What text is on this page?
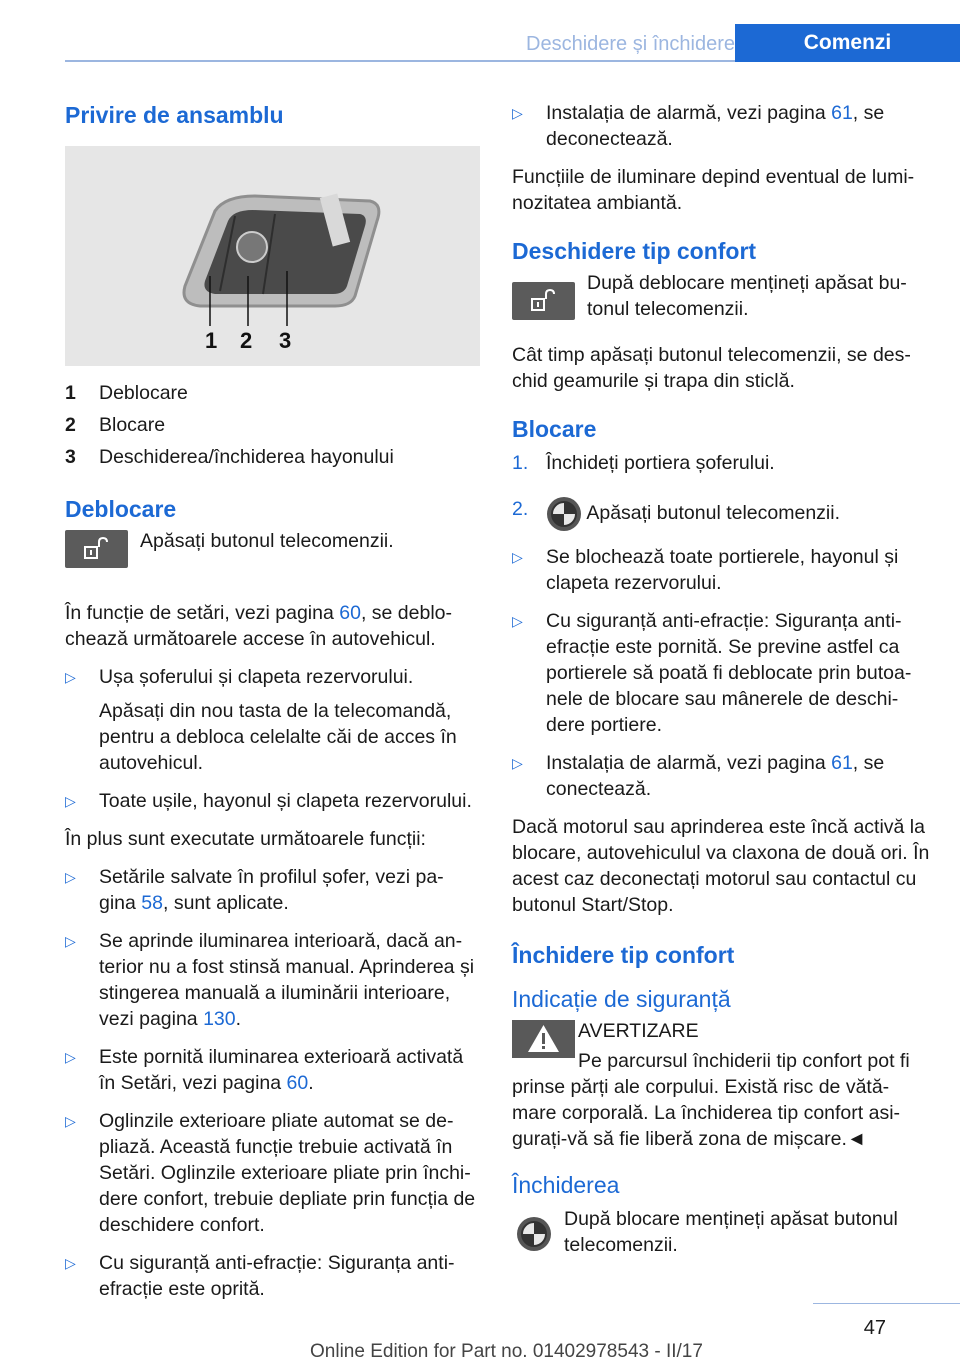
Deschidere și închidere	Comenzi
Privire de ansamblu
1 2 3
1	Deblocare
2	Blocare
3	Deschiderea/închiderea hayonului
Deblocare
Apăsați butonul telecomenzii.

În funcție de setări, vezi pagina 60, se deblo‐ chează următoarele accese în autovehicul.

▷ Ușa șoferului și clapeta rezervorului.

Apăsați din nou tasta de la telecomandă, pentru a debloca celelalte căi de acces în autovehicul.

▷ Toate ușile, hayonul și clapeta rezervorului.

În plus sunt executate următoarele funcții:

▷ Setările salvate în profilul șofer, vezi pa‐ gina 58, sunt aplicate.
▷ Se aprinde iluminarea interioară, dacă an‐ terior nu a fost stinsă manual. Aprinderea și stingerea manuală a iluminării interioare, vezi pagina 130.
▷ Este pornită iluminarea exterioară activată în Setări, vezi pagina 60.
▷ Oglinzile exterioare pliate automat se de‐ pliază. Această funcție trebuie activată în Setări. Oglinzile exterioare pliate prin închi‐ dere confort, trebuie depliate prin funcția de deschidere confort.
▷ Cu siguranță anti-efracție: Siguranța anti- efracție este oprită.
▷ Instalația de alarmă, vezi pagina 61, se deconectează.

Funcțiile de iluminare depind eventual de lumi‐ nozitatea ambiantă.

Deschidere tip confort
După deblocare mențineți apăsat bu‐ tonul telecomenzii.

Cât timp apăsați butonul telecomenzii, se des‐ chid geamurile și trapa din sticlă.

Blocare
1. Închideți portiera șoferului.
2.	Apăsați butonul telecomenzii.
▷ Se blochează toate portierele, hayonul și clapeta rezervorului.
▷ Cu siguranță anti-efracție: Siguranța anti- efracție este pornită. Se previne astfel ca portierele să poată fi deblocate prin butoa‐ nele de blocare sau mânerele de deschi‐ dere portiere.
▷ Instalația de alarmă, vezi pagina 61, se conectează.

Dacă motorul sau aprinderea este încă activă la blocare, autovehiculul va claxona de două ori. În acest caz deconectați motorul sau contactul cu butonul Start/Stop.

Închidere tip confort
Indicație de siguranță
AVERTIZARE
Pe parcursul închiderii tip confort pot fi prinse părți ale corpului. Există risc de vătă‐ mare corporală. La închiderea tip confort asi‐ gurați-vă să fie liberă zona de mișcare.◄
Închiderea
După blocare mențineți apăsat butonul telecomenzii.
47
Online Edition for Part no. 01402978543 - II/17
